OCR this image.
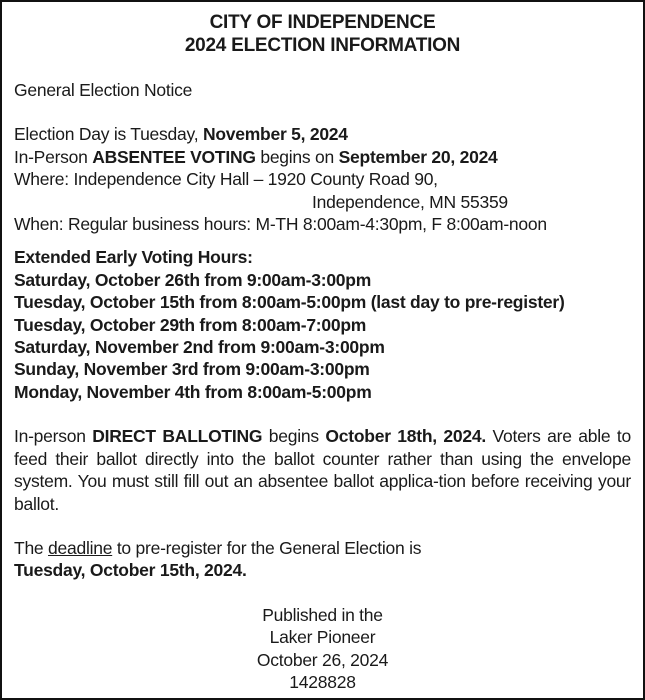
CITY OF INDEPENDENCE
2024 ELECTION INFORMATION
General Election Notice
Election Day is Tuesday, November 5, 2024
In-Person ABSENTEE VOTING begins on September 20, 2024
Where: Independence City Hall – 1920 County Road 90,
Independence, MN 55359
When: Regular business hours: M-TH 8:00am-4:30pm, F 8:00am-noon
Extended Early Voting Hours:
Saturday, October 26th from 9:00am-3:00pm
Tuesday, October 15th from 8:00am-5:00pm (last day to pre-register)
Tuesday, October 29th from 8:00am-7:00pm
Saturday, November 2nd from 9:00am-3:00pm
Sunday, November 3rd from 9:00am-3:00pm
Monday, November 4th from 8:00am-5:00pm
In-person DIRECT BALLOTING begins October 18th, 2024. Voters are able to feed their ballot directly into the ballot counter rather than using the envelope system. You must still fill out an absentee ballot applica-tion before receiving your ballot.
The deadline to pre-register for the General Election is
Tuesday, October 15th, 2024.
Published in the
Laker Pioneer
October 26, 2024
1428828
